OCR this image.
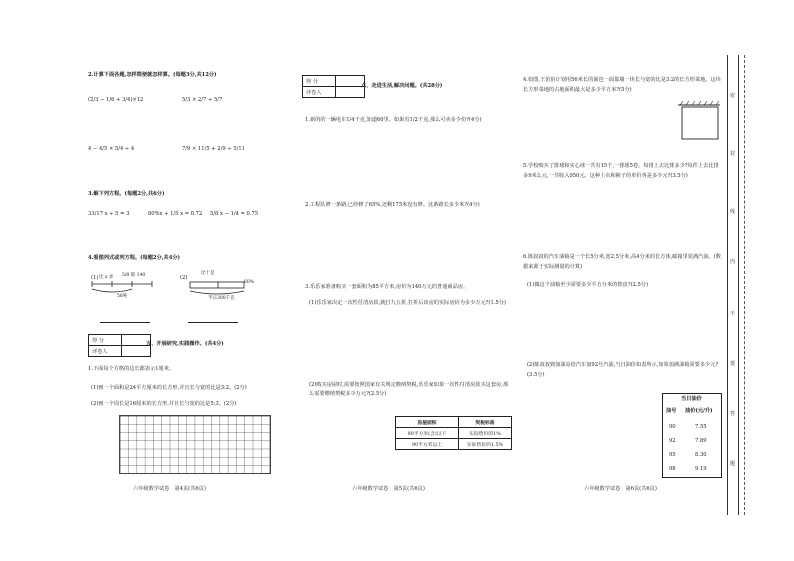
2.计算下面各题,怎样简便就怎样算。(每题3分,共12分)
(2/3 − 1/6 + 3/4)×12	5/3 × 2/7 ÷ 5/7
4 − 4/5 × 5/4 ÷ 4	7/9 × 11/5 + 2/9 ÷ 5/11
3.解下列方程。(每题2分,共6分)
33/17 x ÷ 5 = 3	80%x + 1/5 x = 0.72 5/8 x − 1/4 = 0.75
4.看图列式或列方程。(每题2分,共4分)
(1) 比 x 多 5/8 即 140
56吨
(2)
比十是
60%
半日300千克
得 分	
评卷人	
五、开展研究,实践操作。(共4分)
1.下面每个方格的边长都表示1厘米。
(1)画一个面积是24平方厘米的长方形,并且长与宽的比是3:2。(2分)
(2)画一个周长是16厘米的长方形,并且长与宽的比是5:3。(2分)
六年级数学试卷　第4页(共6页)
得 分	
评卷人	
六、走进生活,解决问题。(共28分)
1.新的的一辆电车1/4千克,知道60里。如果有1/2千克,那么可卖多少份?(4分)
2.工程队修一条路,已经修了65%,还剩175米没有修。这条路长多少米?(4分)
3.乐乐家准备购买一套面积为85平方米,房价为140万元的普通商品房。
(1)乐乐家决定一次性付清房款,就打九五折,打折后该房的实际房价为多少万元?(1.5分)
(2)购买房屋时,需要按照国家有关规定缴纳契税,乐乐家如果一次性付清房款买这套房,那么需要缴纳契税多少万元?(2.5分)
房屋面积	契税标准
90平方米(含)以下	实际售价的1%
90平方米以上	实际售价的1.5%
六年级数学试卷　第5页(共6页)
4.如图,王伯伯计划用56米长的篱笆一面靠墙一块长与宽的比是3:2的长方形菜地。这块长方形菜地的占地面积最大是多少平方米?(5分)
5.学校购买了排球和实心球一共有15个,一排球5卷。每排上去比排多少?每件上去比排多9米么元,一共收入950元。这种上衣和裤子的单价各是多少元?(3.5分)
6.陈叔叔的汽车油箱是一个长5分米,宽2.5分米,高4分米的长方体,邮箱里装满汽油。(数据来源于实际测量的计算)
(1)做这个油箱至少需要多少平方分米的铁皮?(2.5分)
(2)陈叔叔到加油站给汽车加92号汽油,当日油价如表所示,如果加满油箱需要多少元?(3.5分)
当日油价
油号 油价(元/升)
90	7.55
92	7.89
95	8.30
98	9.19
六年级数学试卷　第6页(共6页)
密
封
线
内
不
要
答
题
